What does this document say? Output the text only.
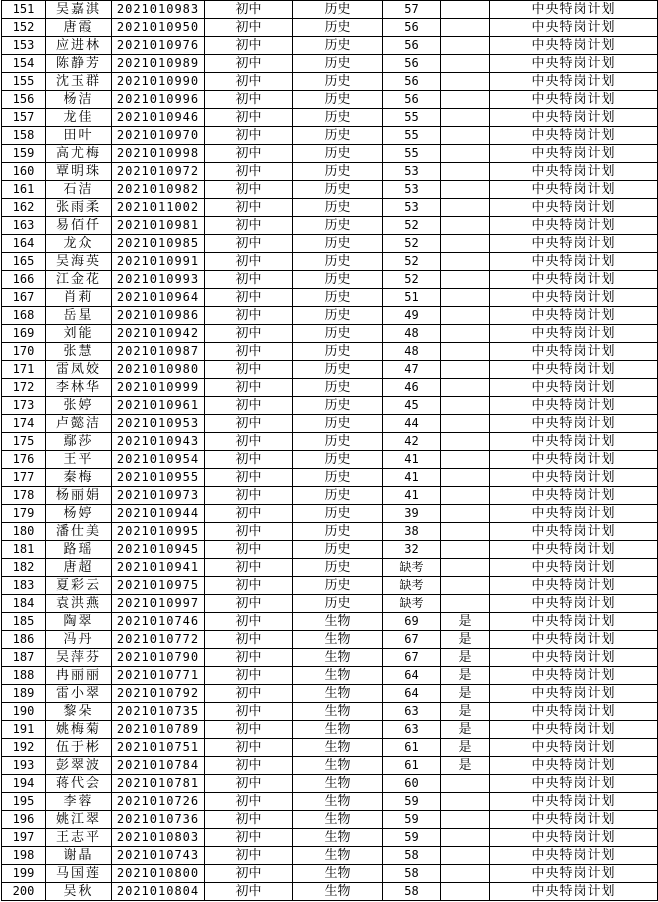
151	吴嘉淇	2021010983	初中	历史	57		中央特岗计划
152	唐霞	2021010950	初中	历史	56		中央特岗计划
153	应进林	2021010976	初中	历史	56		中央特岗计划
154	陈静芳	2021010989	初中	历史	56		中央特岗计划
155	沈玉群	2021010990	初中	历史	56		中央特岗计划
156	杨洁	2021010996	初中	历史	56		中央特岗计划
157	龙佳	2021010946	初中	历史	55		中央特岗计划
158	田叶	2021010970	初中	历史	55		中央特岗计划
159	高尤梅	2021010998	初中	历史	55		中央特岗计划
160	覃明珠	2021010972	初中	历史	53		中央特岗计划
161	石洁	2021010982	初中	历史	53		中央特岗计划
162	张雨柔	2021011002	初中	历史	53		中央特岗计划
163	易佰仟	2021010981	初中	历史	52		中央特岗计划
164	龙众	2021010985	初中	历史	52		中央特岗计划
165	吴海英	2021010991	初中	历史	52		中央特岗计划
166	江金花	2021010993	初中	历史	52		中央特岗计划
167	肖莉	2021010964	初中	历史	51		中央特岗计划
168	岳星	2021010986	初中	历史	49		中央特岗计划
169	刘能	2021010942	初中	历史	48		中央特岗计划
170	张慧	2021010987	初中	历史	48		中央特岗计划
171	雷凤姣	2021010980	初中	历史	47		中央特岗计划
172	李林华	2021010999	初中	历史	46		中央特岗计划
173	张婷	2021010961	初中	历史	45		中央特岗计划
174	卢懿洁	2021010953	初中	历史	44		中央特岗计划
175	鄢莎	2021010943	初中	历史	42		中央特岗计划
176	王平	2021010954	初中	历史	41		中央特岗计划
177	秦梅	2021010955	初中	历史	41		中央特岗计划
178	杨丽娟	2021010973	初中	历史	41		中央特岗计划
179	杨婷	2021010944	初中	历史	39		中央特岗计划
180	潘仕美	2021010995	初中	历史	38		中央特岗计划
181	路瑶	2021010945	初中	历史	32		中央特岗计划
182	唐超	2021010941	初中	历史	缺考		中央特岗计划
183	夏彩云	2021010975	初中	历史	缺考		中央特岗计划
184	袁洪燕	2021010997	初中	历史	缺考		中央特岗计划
185	陶翠	2021010746	初中	生物	69	是	中央特岗计划
186	冯丹	2021010772	初中	生物	67	是	中央特岗计划
187	吴萍芬	2021010790	初中	生物	67	是	中央特岗计划
188	冉丽丽	2021010771	初中	生物	64	是	中央特岗计划
189	雷小翠	2021010792	初中	生物	64	是	中央特岗计划
190	黎朵	2021010735	初中	生物	63	是	中央特岗计划
191	姚梅菊	2021010789	初中	生物	63	是	中央特岗计划
192	伍于彬	2021010751	初中	生物	61	是	中央特岗计划
193	彭翠波	2021010784	初中	生物	61	是	中央特岗计划
194	蒋代会	2021010781	初中	生物	60		中央特岗计划
195	李蓉	2021010726	初中	生物	59		中央特岗计划
196	姚江翠	2021010736	初中	生物	59		中央特岗计划
197	王志平	2021010803	初中	生物	59		中央特岗计划
198	谢晶	2021010743	初中	生物	58		中央特岗计划
199	马国莲	2021010800	初中	生物	58		中央特岗计划
200	吴秋	2021010804	初中	生物	58		中央特岗计划
